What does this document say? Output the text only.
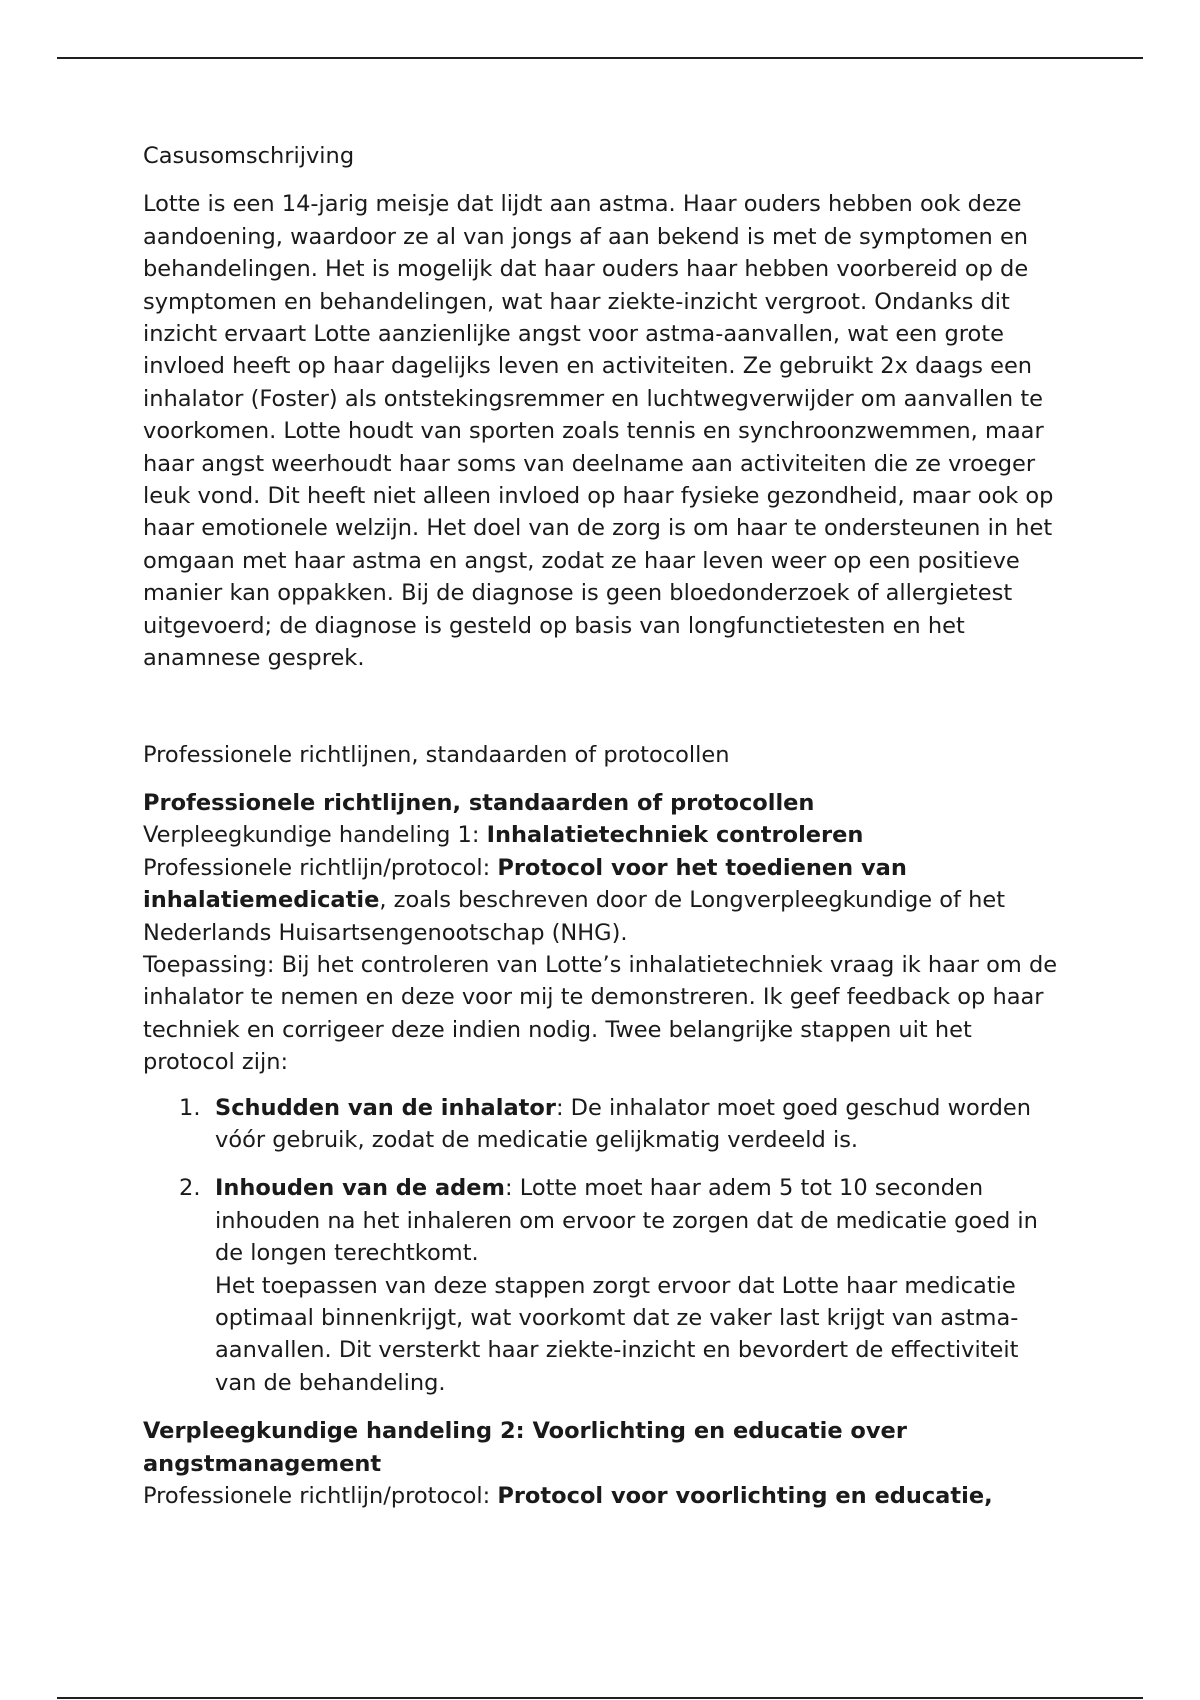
Casusomschrijving

Lotte is een 14-jarig meisje dat lijdt aan astma. Haar ouders hebben ook deze aandoening, waardoor ze al van jongs af aan bekend is met de symptomen en behandelingen. Het is mogelijk dat haar ouders haar hebben voorbereid op de symptomen en behandelingen, wat haar ziekte-inzicht vergroot. Ondanks dit inzicht ervaart Lotte aanzienlijke angst voor astma-aanvallen, wat een grote invloed heeft op haar dagelijks leven en activiteiten. Ze gebruikt 2x daags een inhalator (Foster) als ontstekingsremmer en luchtwegverwijder om aanvallen te voorkomen. Lotte houdt van sporten zoals tennis en synchroonzwemmen, maar haar angst weerhoudt haar soms van deelname aan activiteiten die ze vroeger leuk vond. Dit heeft niet alleen invloed op haar fysieke gezondheid, maar ook op haar emotionele welzijn. Het doel van de zorg is om haar te ondersteunen in het omgaan met haar astma en angst, zodat ze haar leven weer op een positieve manier kan oppakken. Bij de diagnose is geen bloedonderzoek of allergietest uitgevoerd; de diagnose is gesteld op basis van longfunctietesten en het anamnese gesprek.

Professionele richtlijnen, standaarden of protocollen

Professionele richtlijnen, standaarden of protocollen
Verpleegkundige handeling 1: Inhalatietechniek controleren
Professionele richtlijn/protocol: Protocol voor het toedienen van inhalatiemedicatie, zoals beschreven door de Longverpleegkundige of het Nederlands Huisartsengenootschap (NHG).
Toepassing: Bij het controleren van Lotte’s inhalatietechniek vraag ik haar om de inhalator te nemen en deze voor mij te demonstreren. Ik geef feedback op haar techniek en corrigeer deze indien nodig. Twee belangrijke stappen uit het protocol zijn:

1. Schudden van de inhalator: De inhalator moet goed geschud worden vóór gebruik, zodat de medicatie gelijkmatig verdeeld is.
2. Inhouden van de adem: Lotte moet haar adem 5 tot 10 seconden inhouden na het inhaleren om ervoor te zorgen dat de medicatie goed in de longen terechtkomt.
Het toepassen van deze stappen zorgt ervoor dat Lotte haar medicatie optimaal binnenkrijgt, wat voorkomt dat ze vaker last krijgt van astma-aanvallen. Dit versterkt haar ziekte-inzicht en bevordert de effectiviteit van de behandeling.

Verpleegkundige handeling 2: Voorlichting en educatie over angstmanagement
Professionele richtlijn/protocol: Protocol voor voorlichting en educatie,
